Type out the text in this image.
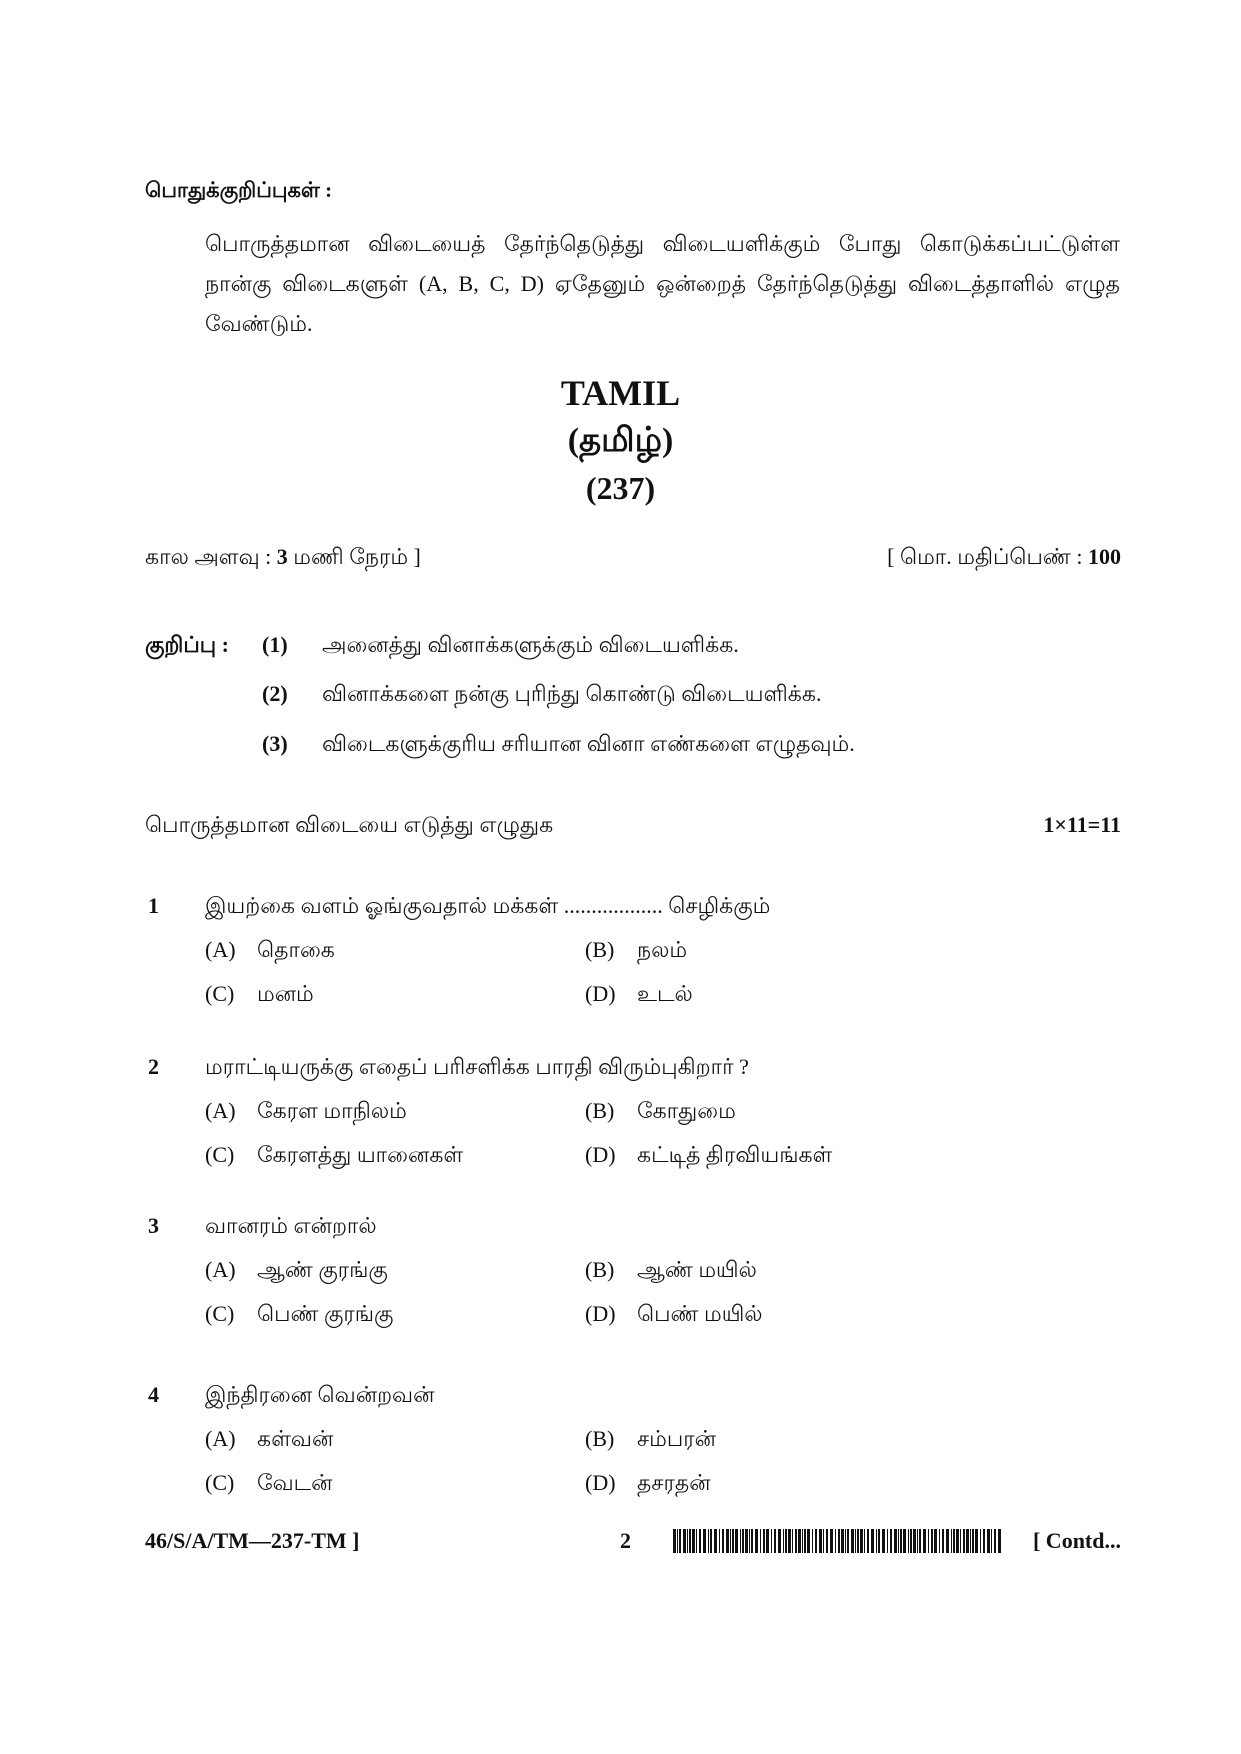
பொதுக்குறிப்புகள் :
பொருத்தமான விடையைத் தேர்ந்தெடுத்து விடையளிக்கும் போது கொடுக்கப்பட்டுள்ள நான்கு விடைகளுள் (A, B, C, D) ஏதேனும் ஒன்றைத் தேர்ந்தெடுத்து விடைத்தாளில் எழுத வேண்டும்.
TAMIL
(தமிழ்)
(237)
கால அளவு : 3 மணி நேரம் ]	[ மொ. மதிப்பெண் : 100
குறிப்பு : (1) அனைத்து வினாக்களுக்கும் விடையளிக்க.
(2) வினாக்களை நன்கு புரிந்து கொண்டு விடையளிக்க.
(3) விடைகளுக்குரிய சரியான வினா எண்களை எழுதவும்.
பொருத்தமான விடையை எடுத்து எழுதுக	1×11=11
1 இயற்கை வளம் ஓங்குவதால் மக்கள் .................. செழிக்கும்
(A) தொகை	(B) நலம்
(C) மனம்	(D) உடல்
2 மராட்டியருக்கு எதைப் பரிசளிக்க பாரதி விரும்புகிறார் ?
(A) கேரள மாநிலம்	(B) கோதுமை
(C) கேரளத்து யானைகள்	(D) கட்டித் திரவியங்கள்
3 வானரம் என்றால்
(A) ஆண் குரங்கு	(B) ஆண் மயில்
(C) பெண் குரங்கு	(D) பெண் மயில்
4 இந்திரனை வென்றவன்
(A) கள்வன்	(B) சம்பரன்
(C) வேடன்	(D) தசரதன்
46/S/A/TM—237-TM ]	2	[ Contd...
